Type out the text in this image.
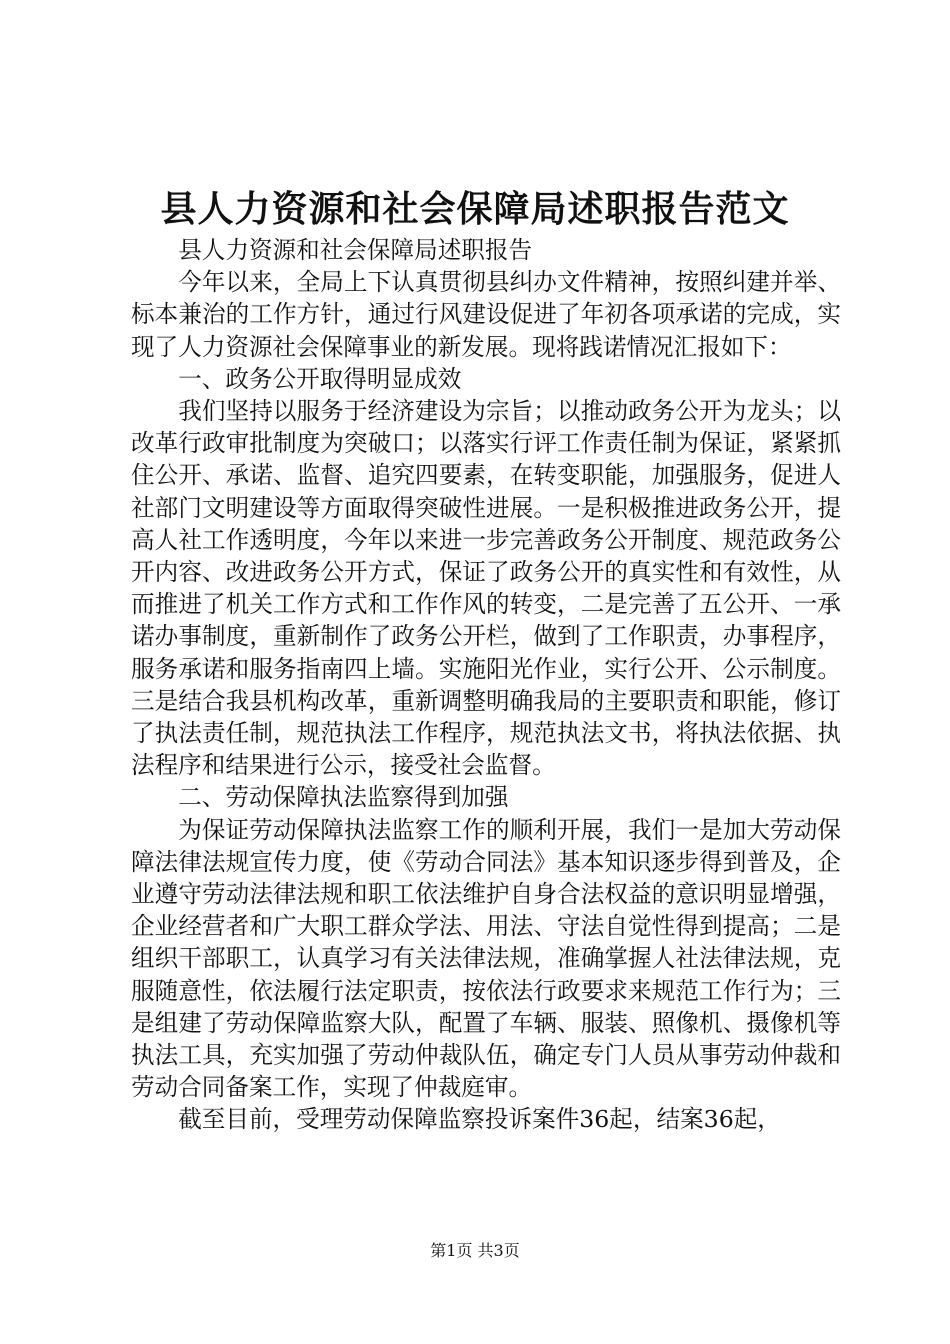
县人力资源和社会保障局述职报告范文

县人力资源和社会保障局述职报告

今年以来，全局上下认真贯彻县纠办文件精神，按照纠建并举、标本兼治的工作方针，通过行风建设促进了年初各项承诺的完成，实现了人力资源社会保障事业的新发展。现将践诺情况汇报如下：

一、政务公开取得明显成效

我们坚持以服务于经济建设为宗旨；以推动政务公开为龙头；以改革行政审批制度为突破口；以落实行评工作责任制为保证，紧紧抓住公开、承诺、监督、追究四要素，在转变职能，加强服务，促进人社部门文明建设等方面取得突破性进展。一是积极推进政务公开，提高人社工作透明度，今年以来进一步完善政务公开制度、规范政务公开内容、改进政务公开方式，保证了政务公开的真实性和有效性，从而推进了机关工作方式和工作作风的转变，二是完善了五公开、一承诺办事制度，重新制作了政务公开栏，做到了工作职责，办事程序，服务承诺和服务指南四上墙。实施阳光作业，实行公开、公示制度。三是结合我县机构改革，重新调整明确我局的主要职责和职能，修订了执法责任制，规范执法工作程序，规范执法文书，将执法依据、执法程序和结果进行公示，接受社会监督。

二、劳动保障执法监察得到加强

为保证劳动保障执法监察工作的顺利开展，我们一是加大劳动保障法律法规宣传力度，使《劳动合同法》基本知识逐步得到普及，企业遵守劳动法律法规和职工依法维护自身合法权益的意识明显增强，企业经营者和广大职工群众学法、用法、守法自觉性得到提高；二是组织干部职工，认真学习有关法律法规，准确掌握人社法律法规，克服随意性，依法履行法定职责，按依法行政要求来规范工作行为；三是组建了劳动保障监察大队，配置了车辆、服装、照像机、摄像机等执法工具，充实加强了劳动仲裁队伍，确定专门人员从事劳动仲裁和劳动合同备案工作，实现了仲裁庭审。

截至目前，受理劳动保障监察投诉案件36起，结案36起，

第1页 共3页
